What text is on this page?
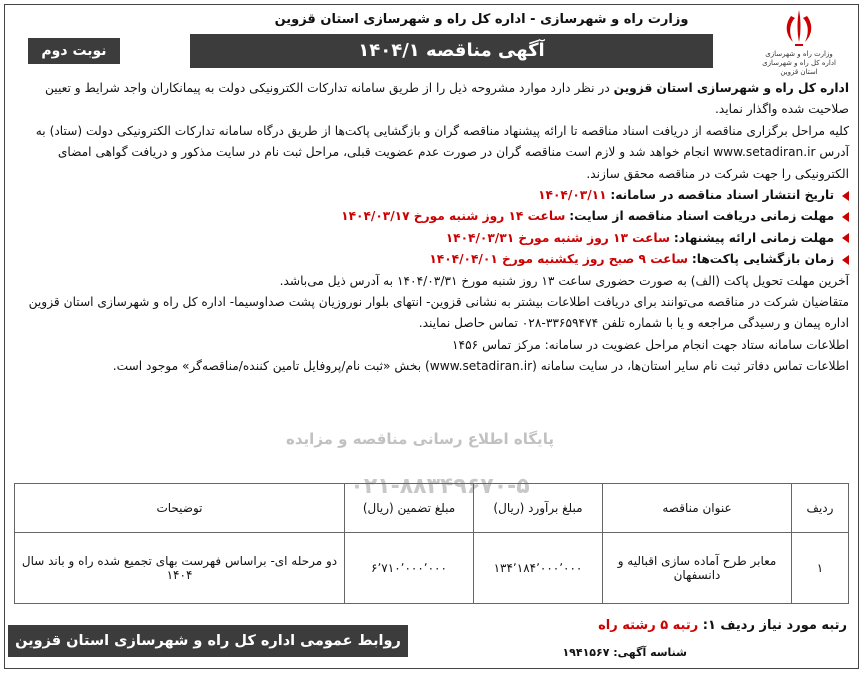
وزارت راه و شهرسازی
اداره کل راه و شهرسازی استان قزوین
وزارت راه و شهرسازی - اداره کل راه و شهرسازی استان قزوین
آگهی مناقصه ۱۴۰۴/۱
نوبت دوم

اداره کل راه و شهرسازی استان قزوین در نظر دارد موارد مشروحه ذیل را از طریق سامانه تدارکات الکترونیکی دولت به پیمانکاران واجد شرایط و تعیین صلاحیت شده واگذار نماید.

کلیه مراحل برگزاری مناقصه از دریافت اسناد مناقصه تا ارائه پیشنهاد مناقصه گران و بازگشایی پاکت‌ها از طریق درگاه سامانه تدارکات الکترونیکی دولت (ستاد) به آدرس www.setadiran.ir انجام خواهد شد و لازم است مناقصه گران در صورت عدم عضویت قبلی، مراحل ثبت نام در سایت مذکور و دریافت گواهی امضای الکترونیکی را جهت شرکت در مناقصه محقق سازند.

تاریخ انتشار اسناد مناقصه در سامانه: ۱۴۰۴/۰۳/۱۱

مهلت زمانی دریافت اسناد مناقصه از سایت: ساعت ۱۴ روز شنبه مورخ ۱۴۰۴/۰۳/۱۷

مهلت زمانی ارائه پیشنهاد: ساعت ۱۳ روز شنبه مورخ ۱۴۰۴/۰۳/۳۱

زمان بازگشایی پاکت‌ها: ساعت ۹ صبح روز یکشنبه مورخ ۱۴۰۴/۰۴/۰۱

آخرین مهلت تحویل پاکت (الف) به صورت حضوری ساعت ۱۳ روز شنبه مورخ ۱۴۰۴/۰۳/۳۱ به آدرس ذیل می‌باشد.

متقاضیان شرکت در مناقصه می‌توانند برای دریافت اطلاعات بیشتر به نشانی قزوین- انتهای بلوار نوروزیان پشت صداوسیما- اداره کل راه و شهرسازی استان قزوین اداره پیمان و رسیدگی مراجعه و یا با شماره تلفن ۳۳۶۵۹۴۷۴-۰۲۸ تماس حاصل نمایند.

اطلاعات سامانه ستاد جهت انجام مراحل عضویت در سامانه: مرکز تماس ۱۴۵۶

اطلاعات تماس دفاتر ثبت نام سایر استان‌ها، در سایت سامانه (www.setadiran.ir) بخش «ثبت نام/پروفایل تامین کننده/مناقصه‌گر» موجود است.

پایگاه اطلاع رسانی مناقصه و مزایده
۰۲۱-۸۸۳۴۹۶۷۰-۵
ردیف	عنوان مناقصه	مبلغ برآورد (ریال)	مبلغ تضمین (ریال)	توضیحات
۱	معابر طرح آماده سازی اقبالیه و دانسفهان	۱۳۴٬۱۸۴٬۰۰۰٬۰۰۰	۶٬۷۱۰٬۰۰۰٬۰۰۰	دو مرحله ای- براساس فهرست بهای تجمیع شده راه و باند سال ۱۴۰۴
رتبه مورد نیاز ردیف ۱: رتبه ۵ رشته راه
شناسه آگهی: ۱۹۴۱۵۶۷
روابط عمومی اداره کل راه و شهرسازی استان قزوین
